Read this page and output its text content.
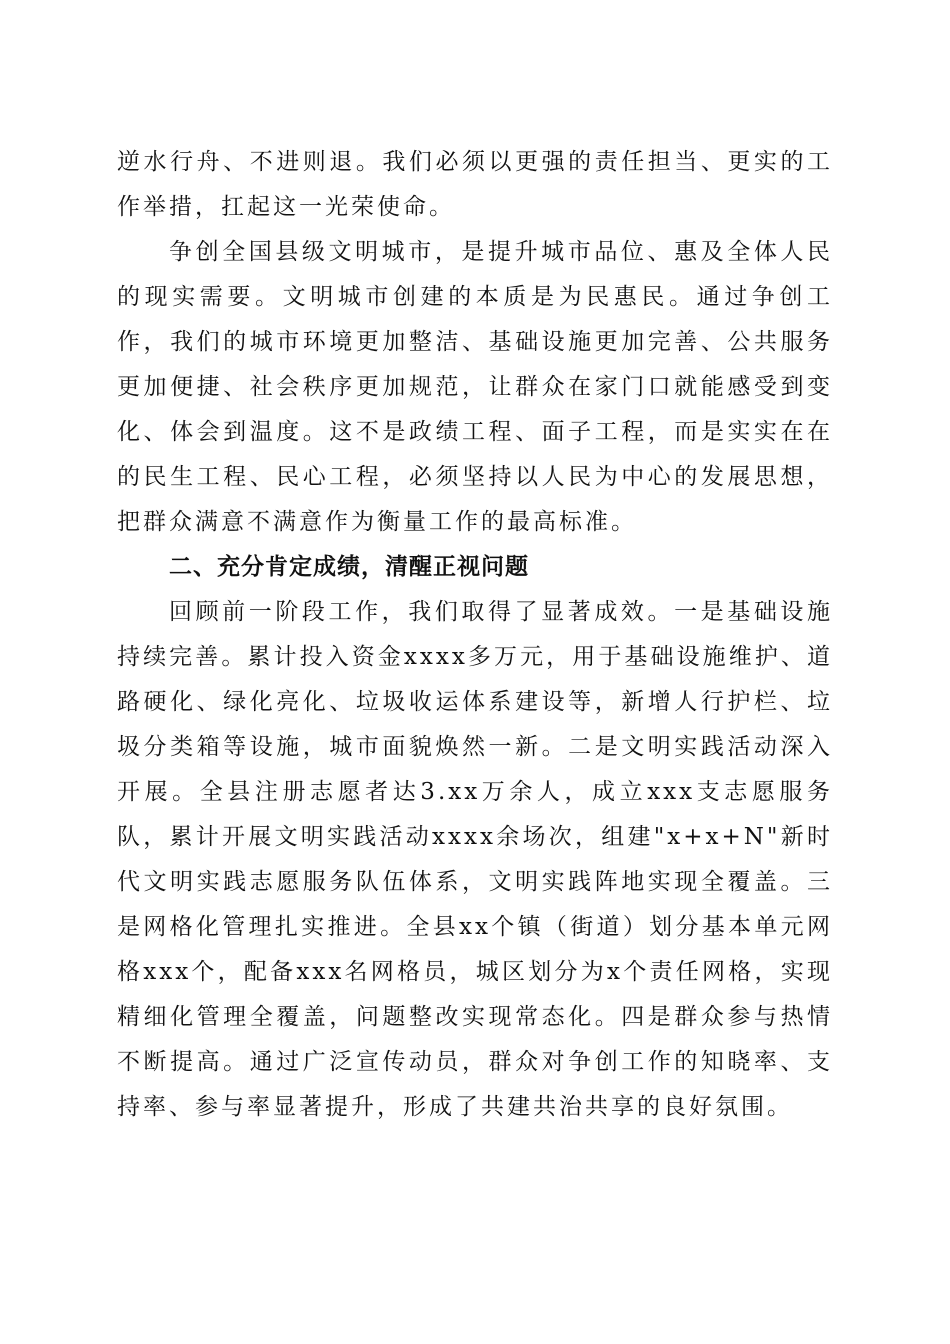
逆水行舟、不进则退。我们必须以更强的责任担当、更实的工作举措，扛起这一光荣使命。

争创全国县级文明城市，是提升城市品位、惠及全体人民的现实需要。文明城市创建的本质是为民惠民。通过争创工作，我们的城市环境更加整洁、基础设施更加完善、公共服务更加便捷、社会秩序更加规范，让群众在家门口就能感受到变化、体会到温度。这不是政绩工程、面子工程，而是实实在在的民生工程、民心工程，必须坚持以人民为中心的发展思想，把群众满意不满意作为衡量工作的最高标准。

二、充分肯定成绩，清醒正视问题

回顾前一阶段工作，我们取得了显著成效。一是基础设施持续完善。累计投入资金xxxx多万元，用于基础设施维护、道路硬化、绿化亮化、垃圾收运体系建设等，新增人行护栏、垃圾分类箱等设施，城市面貌焕然一新。二是文明实践活动深入开展。全县注册志愿者达3.xx万余人，成立xxx支志愿服务队，累计开展文明实践活动xxxx余场次，组建"x+x+N"新时代文明实践志愿服务队伍体系，文明实践阵地实现全覆盖。三是网格化管理扎实推进。全县xx个镇（街道）划分基本单元网格xxx个，配备xxx名网格员，城区划分为x个责任网格，实现精细化管理全覆盖，问题整改实现常态化。四是群众参与热情不断提高。通过广泛宣传动员，群众对争创工作的知晓率、支持率、参与率显著提升，形成了共建共治共享的良好氛围。
